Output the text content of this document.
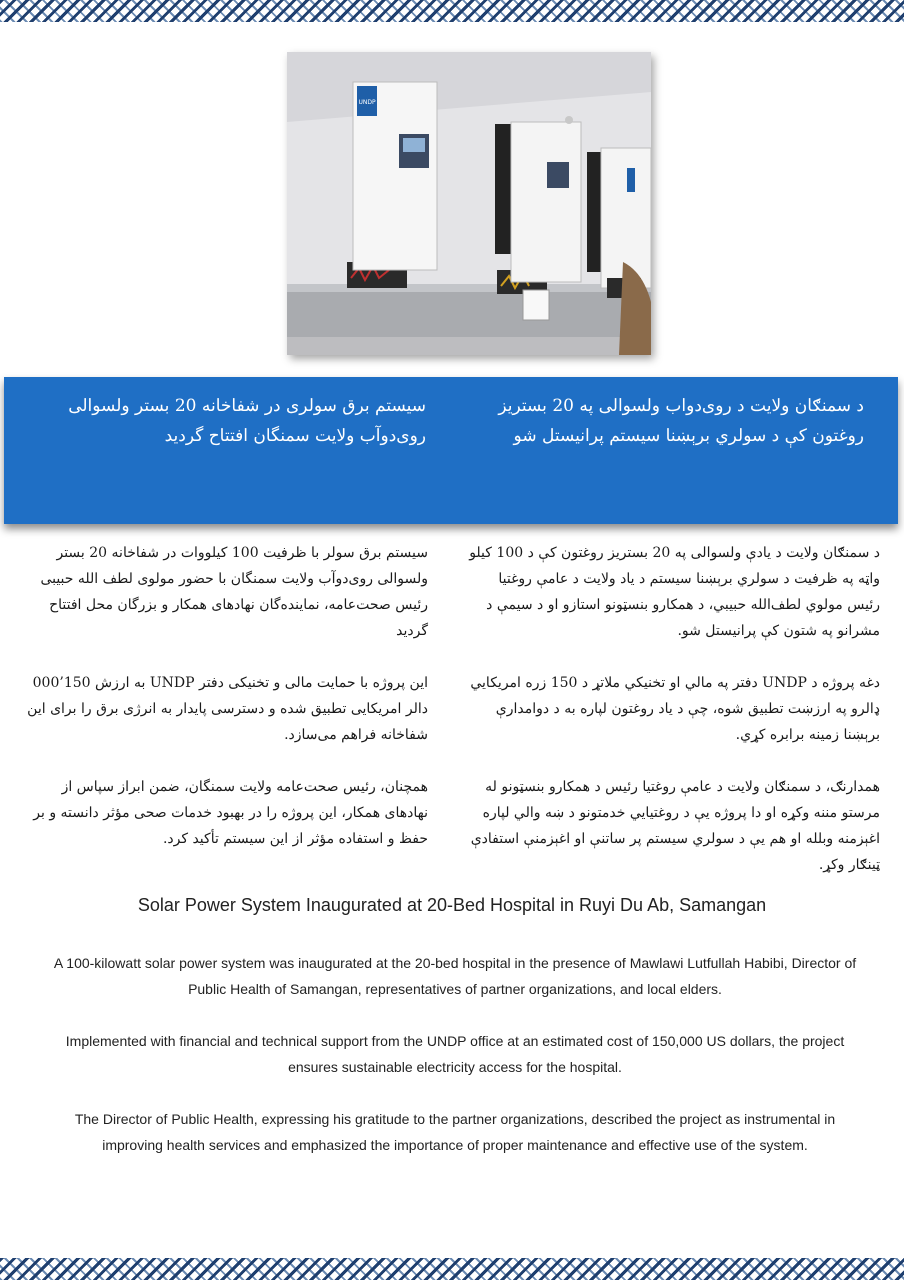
UNDP
د سمنګان ولایت د روی‌دواب ولسوالی په 20 بستریز روغتون کې د سولري برېښنا سیستم پرانیستل شو
سیستم برق سولری در شفاخانه 20 بستر ولسوالی روی‌دوآب ولایت سمنگان افتتاح گردید

د سمنګان ولایت د یادې ولسوالی په 20 بستریز روغتون کې د 100 کیلو واټه په ظرفیت د سولري برېښنا سیستم د یاد ولایت د عامې روغتیا رئیس مولوي لطف‌الله حبیبي، د همکارو بنسټونو استازو او د سیمې د مشرانو په شتون کې پرانیستل شو.

دغه پروژه د UNDP دفتر په مالي او تخنیکي ملاتړ د 150 زره امریکایي ډالرو په ارزښت تطبیق شوه، چې د یاد روغتون لپاره به د دوامدارې برېښنا زمینه برابره کړي.

همدارنګ، د سمنګان ولایت د عامې روغتیا رئیس د همکارو بنسټونو له مرستو مننه وکړه او دا پروژه یې د روغتیایي خدمتونو د ښه والي لپاره اغېزمنه وبلله او هم یې د سولري سیستم پر ساتنې او اغېزمنې استفادې ټینګار وکړ.

سیستم برق سولر با ظرفیت 100 کیلووات در شفاخانه 20 بستر ولسوالی روی‌دوآب ولایت سمنگان با حضور مولوی لطف الله حبیبی رئیس صحت‌عامه، نماینده‌گان نهادهای همکار و بزرگان محل افتتاح گردید

این پروژه با حمایت مالی و تخنیکی دفتر UNDP به ارزش 150’000 دالر امریکایی تطبیق شده و دسترسی پایدار به انرژی برق را برای این شفاخانه فراهم می‌سازد.

همچنان، رئیس صحت‌عامه ولایت سمنگان، ضمن ابراز سپاس از نهادهای همکار، این پروژه را در بهبود خدمات صحی مؤثر دانسته و بر حفظ و استفاده مؤثر از این سیستم تأکید کرد.

Solar Power System Inaugurated at 20-Bed Hospital in Ruyi Du Ab, Samangan

A 100-kilowatt solar power system was inaugurated at the 20-bed hospital in the presence of Mawlawi Lutfullah Habibi, Director of Public Health of Samangan, representatives of partner organizations, and local elders.

Implemented with financial and technical support from the UNDP office at an estimated cost of 150,000 US dollars, the project ensures sustainable electricity access for the hospital.

The Director of Public Health, expressing his gratitude to the partner organizations, described the project as instrumental in improving health services and emphasized the importance of proper maintenance and effective use of the system.
